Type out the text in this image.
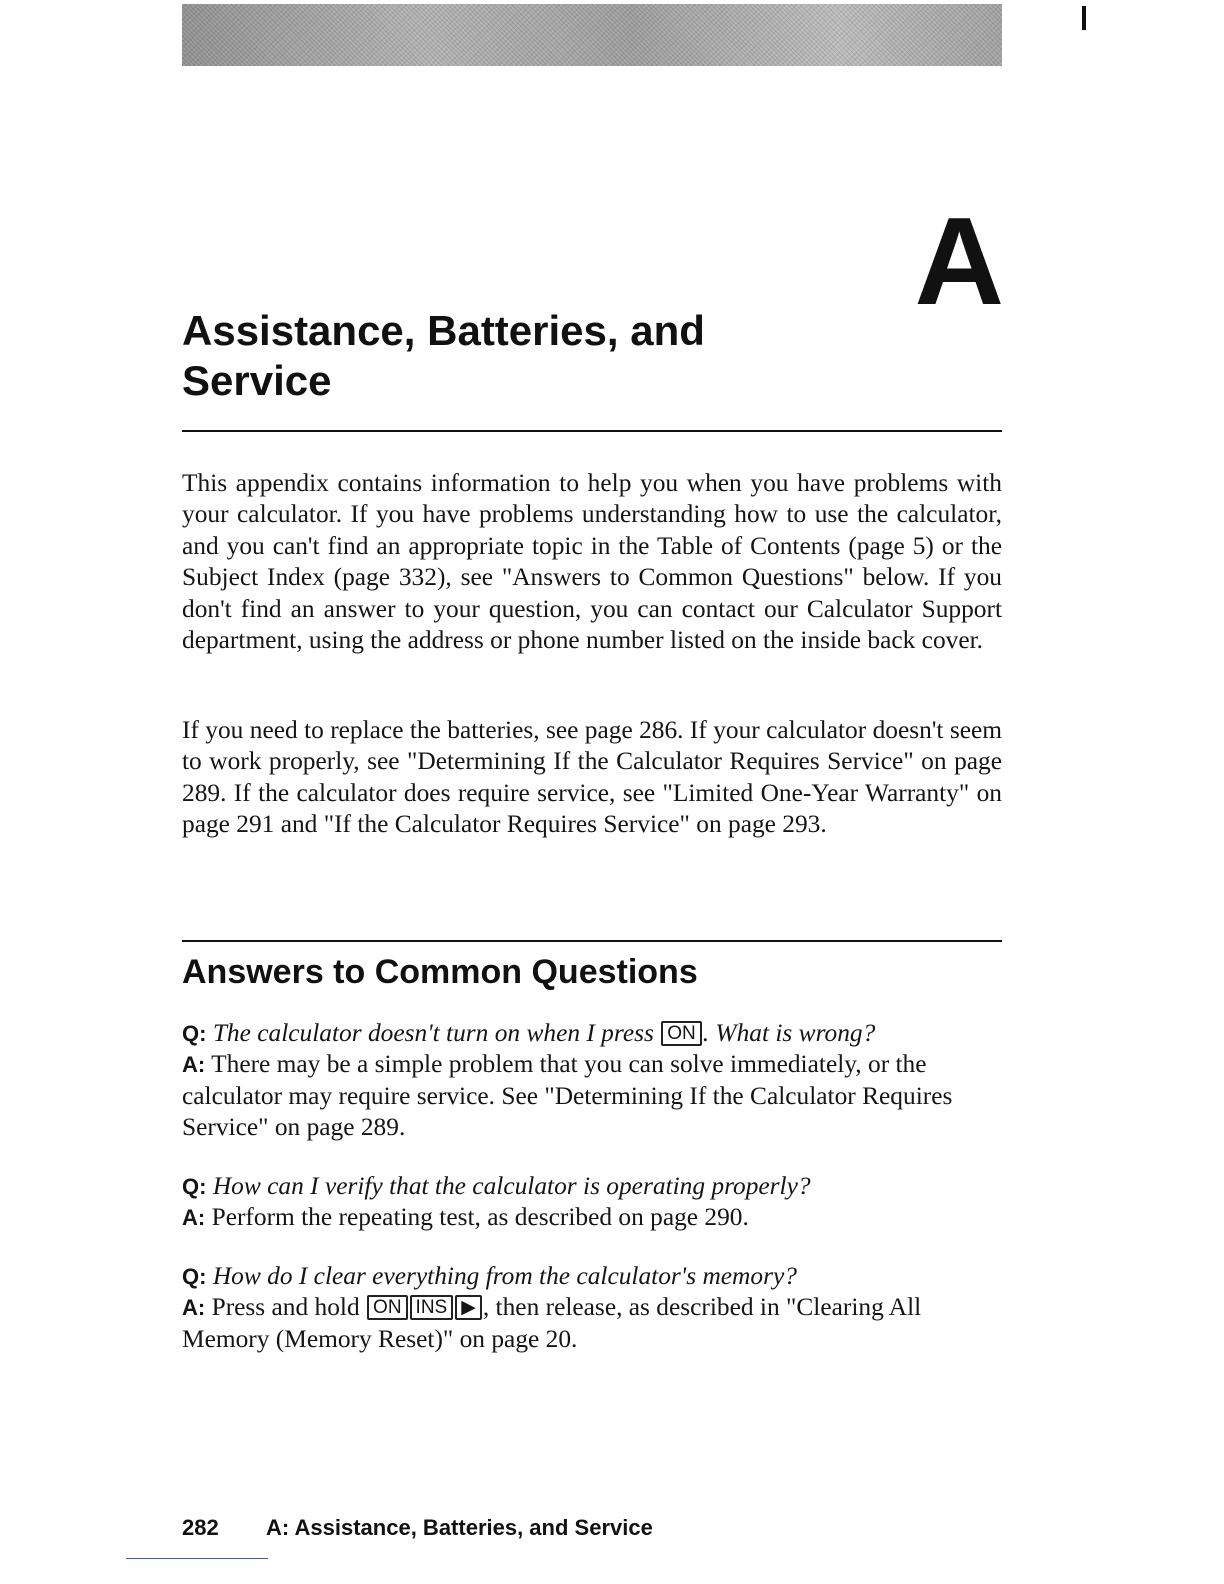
A
Assistance, Batteries, and
Service

This appendix contains information to help you when you have problems with your calculator. If you have problems understanding how to use the calculator, and you can't find an appropriate topic in the Table of Contents (page 5) or the Subject Index (page 332), see "Answers to Common Questions" below. If you don't find an answer to your question, you can contact our Calculator Support department, using the address or phone number listed on the inside back cover.

If you need to replace the batteries, see page 286. If your calculator doesn't seem to work properly, see "Determining If the Calculator Requires Service" on page 289. If the calculator does require service, see "Limited One-Year Warranty" on page 291 and "If the Calculator Requires Service" on page 293.

Answers to Common Questions

Q: The calculator doesn't turn on when I press ON . What is wrong?

A: There may be a simple problem that you can solve immediately, or the calculator may require service. See "Determining If the Calculator Requires Service" on page 289.

Q: How can I verify that the calculator is operating properly?

A: Perform the repeating test, as described on page 290.

Q: How do I clear everything from the calculator's memory?

A: Press and hold ON INS ▶ , then release, as described in "Clearing All Memory (Memory Reset)" on page 20.

282 A: Assistance, Batteries, and Service
